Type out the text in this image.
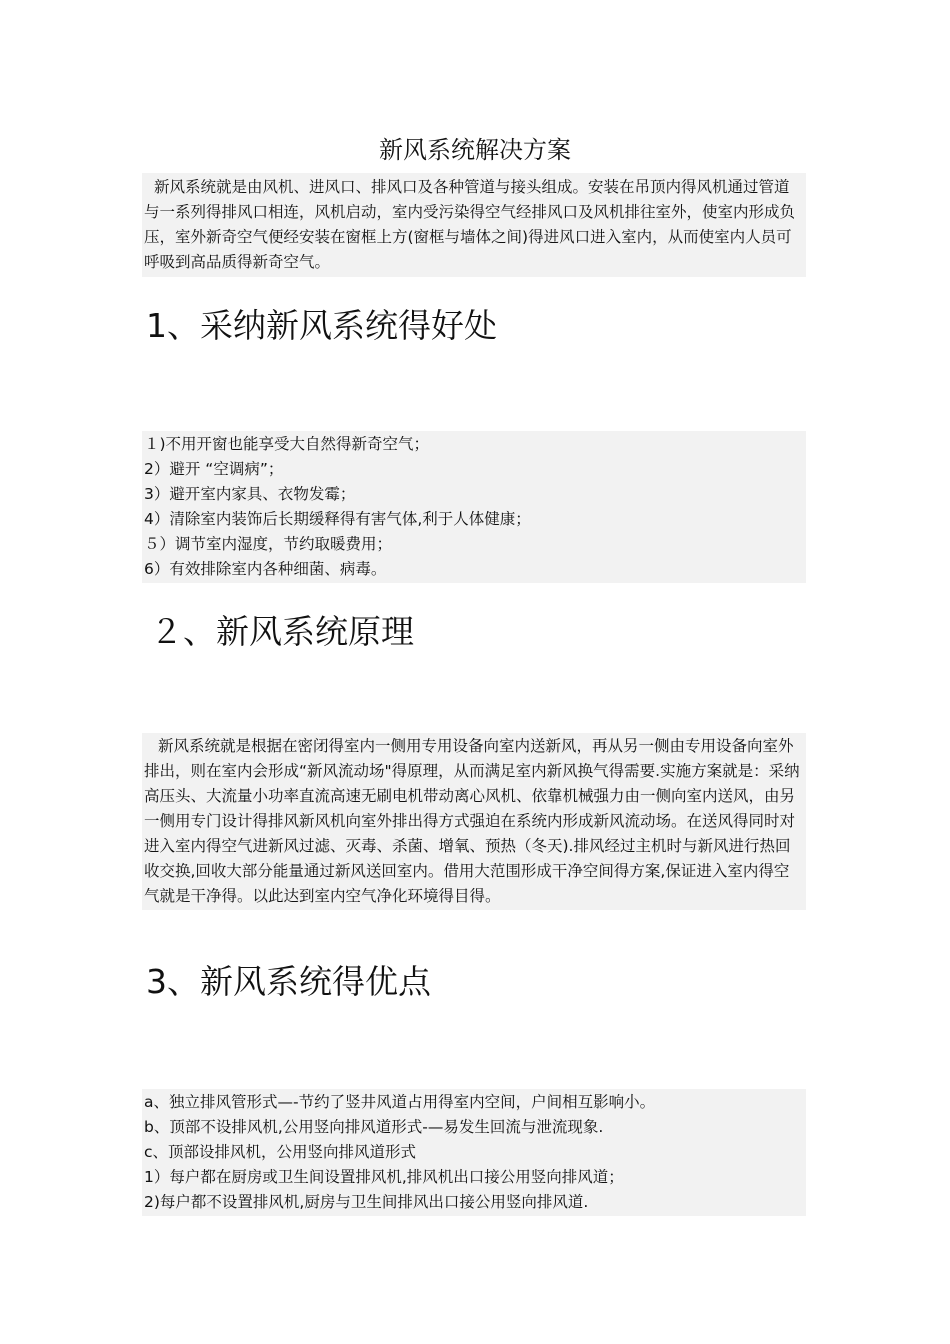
新风系统解决方案

新风系统就是由风机、进风口、排风口及各种管道与接头组成。安装在吊顶内得风机通过管道与一系列得排风口相连，风机启动，室内受污染得空气经排风口及风机排往室外，使室内形成负压，室外新奇空气便经安装在窗框上方(窗框与墙体之间)得进风口进入室内，从而使室内人员可呼吸到高品质得新奇空气。

1、采纳新风系统得好处

１)不用开窗也能享受大自然得新奇空气；

2）避开 “空调病”；

3）避开室内家具、衣物发霉；

4）清除室内装饰后长期缓释得有害气体,利于人体健康；

５）调节室内湿度，节约取暖费用；

6）有效排除室内各种细菌、病毒。

２、新风系统原理

新风系统就是根据在密闭得室内一侧用专用设备向室内送新风，再从另一侧由专用设备向室外排出，则在室内会形成“新风流动场"得原理，从而满足室内新风换气得需要.实施方案就是：采纳高压头、大流量小功率直流高速无刷电机带动离心风机、依靠机械强力由一侧向室内送风，由另一侧用专门设计得排风新风机向室外排出得方式强迫在系统内形成新风流动场。在送风得同时对进入室内得空气进新风过滤、灭毒、杀菌、增氧、预热（冬天).排风经过主机时与新风进行热回收交换,回收大部分能量通过新风送回室内。借用大范围形成干净空间得方案,保证进入室内得空气就是干净得。以此达到室内空气净化环境得目得。

3、新风系统得优点

a、独立排风管形式—-节约了竖井风道占用得室内空间，户间相互影响小。

b、顶部不设排风机,公用竖向排风道形式-—易发生回流与泄流现象.

c、顶部设排风机，公用竖向排风道形式

1）每户都在厨房或卫生间设置排风机,排风机出口接公用竖向排风道；

2)每户都不设置排风机,厨房与卫生间排风出口接公用竖向排风道.
